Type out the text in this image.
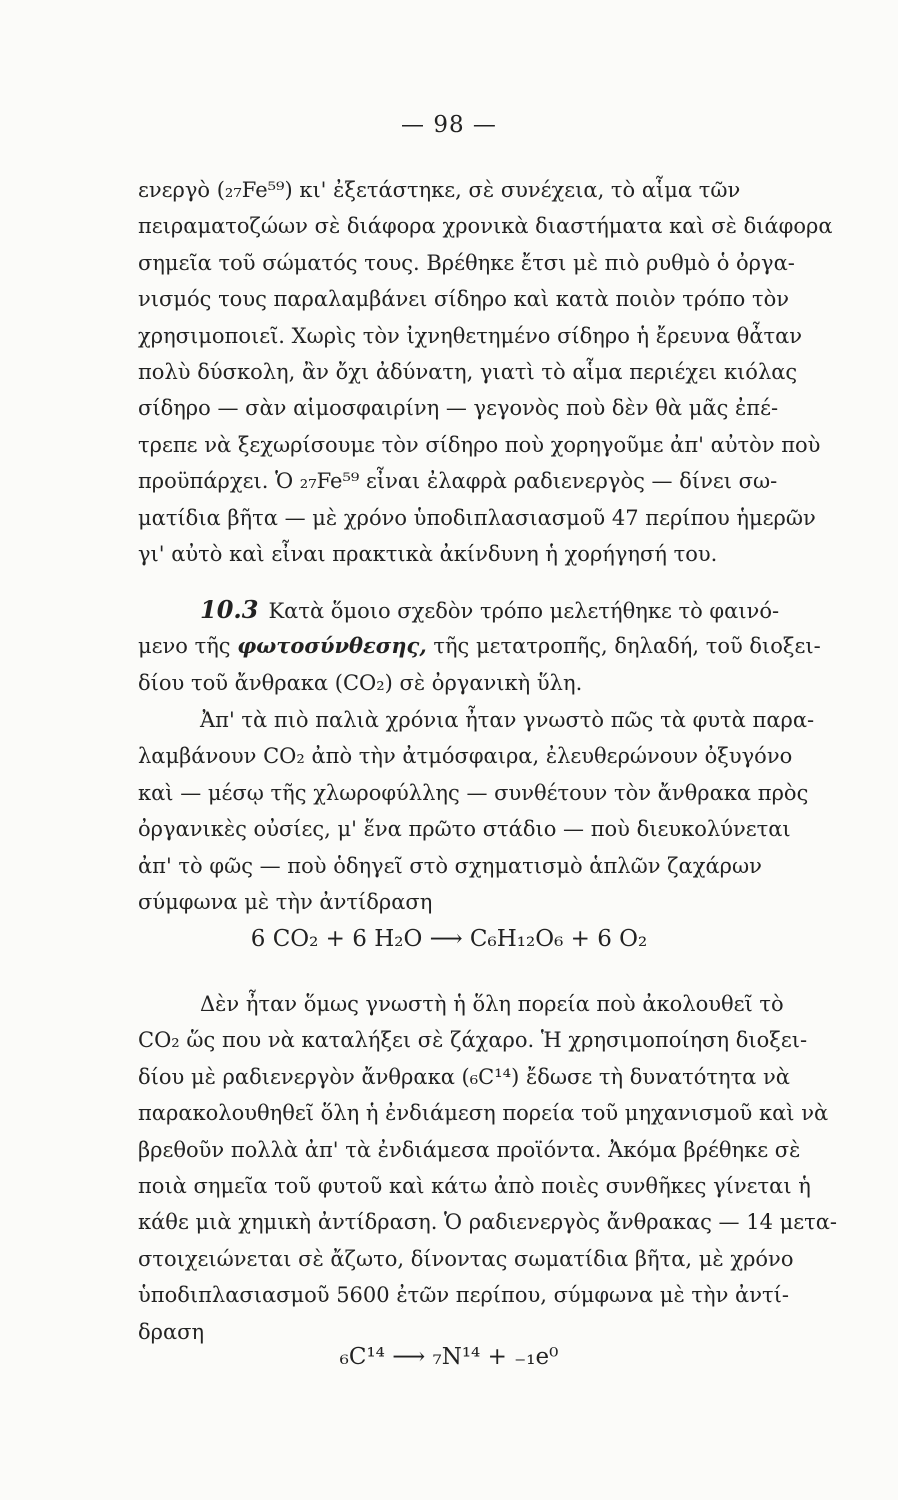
— 98 —
ενεργὸ (₂₇Fe⁵⁹) κι' ἐξετάστηκε, σὲ συνέχεια, τὸ αἷμα τῶν
πειραματοζώων σὲ διάφορα χρονικὰ διαστήματα καὶ σὲ διάφορα
σημεῖα τοῦ σώματός τους. Βρέθηκε ἔτσι μὲ πιὸ ρυθμὸ ὁ ὀργα-
νισμός τους παραλαμβάνει σίδηρο καὶ κατὰ ποιὸν τρόπο τὸν
χρησιμοποιεῖ. Χωρὶς τὸν ἰχνηθετημένο σίδηρο ἡ ἔρευνα θἆταν
πολὺ δύσκολη, ἂν ὄχι ἀδύνατη, γιατὶ τὸ αἷμα περιέχει κιόλας
σίδηρο — σὰν αἱμοσφαιρίνη — γεγονὸς ποὺ δὲν θὰ μᾶς ἐπέ-
τρεπε νὰ ξεχωρίσουμε τὸν σίδηρο ποὺ χορηγοῦμε ἀπ' αὐτὸν ποὺ
προϋπάρχει. Ὁ ₂₇Fe⁵⁹ εἶναι ἐλαφρὰ ραδιενεργὸς — δίνει σω-
ματίδια βῆτα — μὲ χρόνο ὑποδιπλασιασμοῦ 47 περίπου ἡμερῶν
γι' αὐτὸ καὶ εἶναι πρακτικὰ ἀκίνδυνη ἡ χορήγησή του.
10.3 Κατὰ ὅμοιο σχεδὸν τρόπο μελετήθηκε τὸ φαινό-
μενο τῆς φωτοσύνθεσης, τῆς μετατροπῆς, δηλαδή, τοῦ διοξει-
δίου τοῦ ἄνθρακα (CO₂) σὲ ὀργανικὴ ὕλη.
Ἀπ' τὰ πιὸ παλιὰ χρόνια ἦταν γνωστὸ πῶς τὰ φυτὰ παρα-
λαμβάνουν CO₂ ἀπὸ τὴν ἀτμόσφαιρα, ἐλευθερώνουν ὀξυγόνο
καὶ — μέσῳ τῆς χλωροφύλλης — συνθέτουν τὸν ἄνθρακα πρὸς
ὀργανικὲς οὐσίες, μ' ἕνα πρῶτο στάδιο — ποὺ διευκολύνεται
ἀπ' τὸ φῶς — ποὺ ὁδηγεῖ στὸ σχηματισμὸ ἁπλῶν ζαχάρων
σύμφωνα μὲ τὴν ἀντίδραση
6 CO₂ + 6 H₂O ⟶ C₆H₁₂O₆ + 6 O₂
Δὲν ἦταν ὅμως γνωστὴ ἡ ὅλη πορεία ποὺ ἀκολουθεῖ τὸ
CO₂ ὥς που νὰ καταλήξει σὲ ζάχαρο. Ἡ χρησιμοποίηση διοξει-
δίου μὲ ραδιενεργὸν ἄνθρακα (₆C¹⁴) ἔδωσε τὴ δυνατότητα νὰ
παρακολουθηθεῖ ὅλη ἡ ἐνδιάμεση πορεία τοῦ μηχανισμοῦ καὶ νὰ
βρεθοῦν πολλὰ ἀπ' τὰ ἐνδιάμεσα προϊόντα. Ἀκόμα βρέθηκε σὲ
ποιὰ σημεῖα τοῦ φυτοῦ καὶ κάτω ἀπὸ ποιὲς συνθῆκες γίνεται ἡ
κάθε μιὰ χημικὴ ἀντίδραση. Ὁ ραδιενεργὸς ἄνθρακας — 14 μετα-
στοιχειώνεται σὲ ἄζωτο, δίνοντας σωματίδια βῆτα, μὲ χρόνο
ὑποδιπλασιασμοῦ 5600 ἐτῶν περίπου, σύμφωνα μὲ τὴν ἀντί-
δραση
₆C¹⁴ ⟶ ₇N¹⁴ + ₋₁e⁰
